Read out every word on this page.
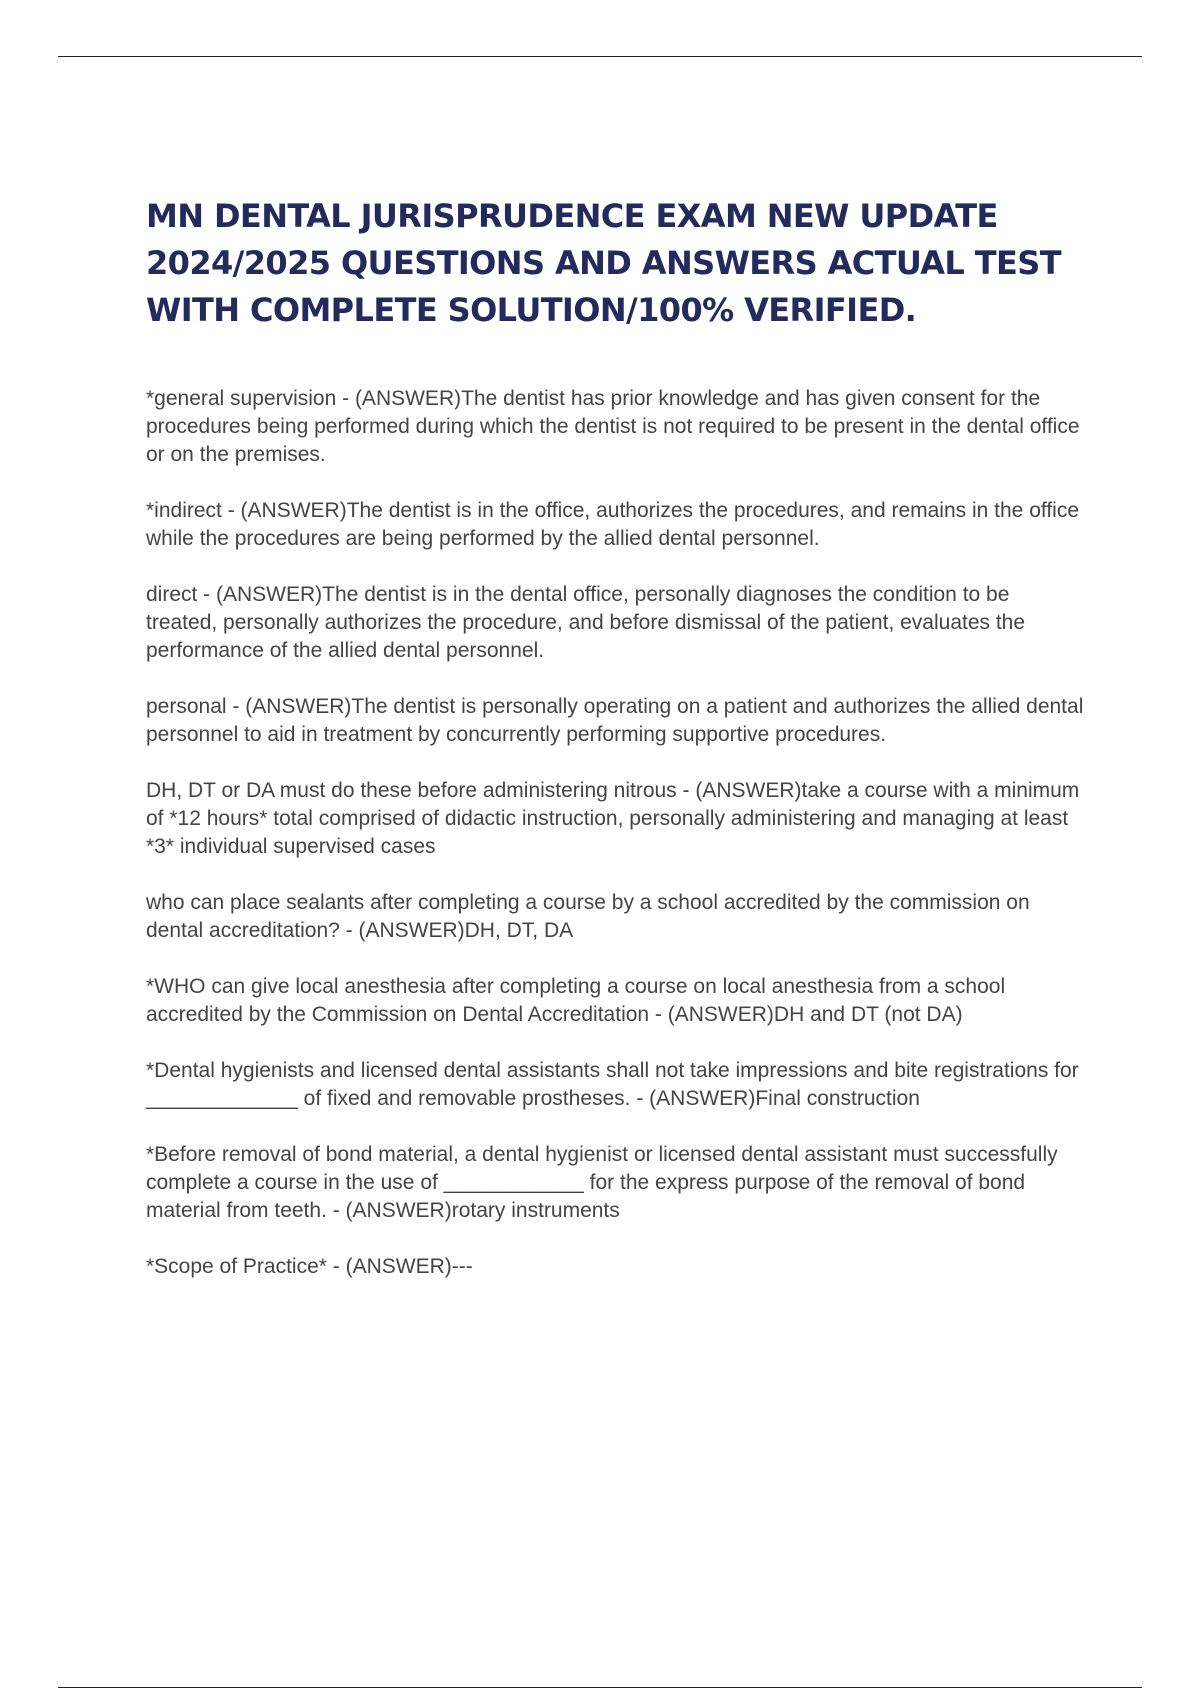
MN DENTAL JURISPRUDENCE EXAM NEW UPDATE
2024/2025 QUESTIONS AND ANSWERS ACTUAL TEST
WITH COMPLETE SOLUTION/100% VERIFIED.
*general supervision - (ANSWER)The dentist has prior knowledge and has given consent for the procedures being performed during which the dentist is not required to be present in the dental office or on the premises.
*indirect - (ANSWER)The dentist is in the office, authorizes the procedures, and remains in the office while the procedures are being performed by the allied dental personnel.
direct - (ANSWER)The dentist is in the dental office, personally diagnoses the condition to be treated, personally authorizes the procedure, and before dismissal of the patient, evaluates the performance of the allied dental personnel.
personal - (ANSWER)The dentist is personally operating on a patient and authorizes the allied dental personnel to aid in treatment by concurrently performing supportive procedures.
DH, DT or DA must do these before administering nitrous - (ANSWER)take a course with a minimum of *12 hours* total comprised of didactic instruction, personally administering and managing at least *3* individual supervised cases
who can place sealants after completing a course by a school accredited by the commission on dental accreditation? - (ANSWER)DH, DT, DA
*WHO can give local anesthesia after completing a course on local anesthesia from a school accredited by the Commission on Dental Accreditation - (ANSWER)DH and DT (not DA)
*Dental hygienists and licensed dental assistants shall not take impressions and bite registrations for _____________ of fixed and removable prostheses. - (ANSWER)Final construction
*Before removal of bond material, a dental hygienist or licensed dental assistant must successfully complete a course in the use of ____________ for the express purpose of the removal of bond material from teeth. - (ANSWER)rotary instruments
*Scope of Practice* - (ANSWER)---
